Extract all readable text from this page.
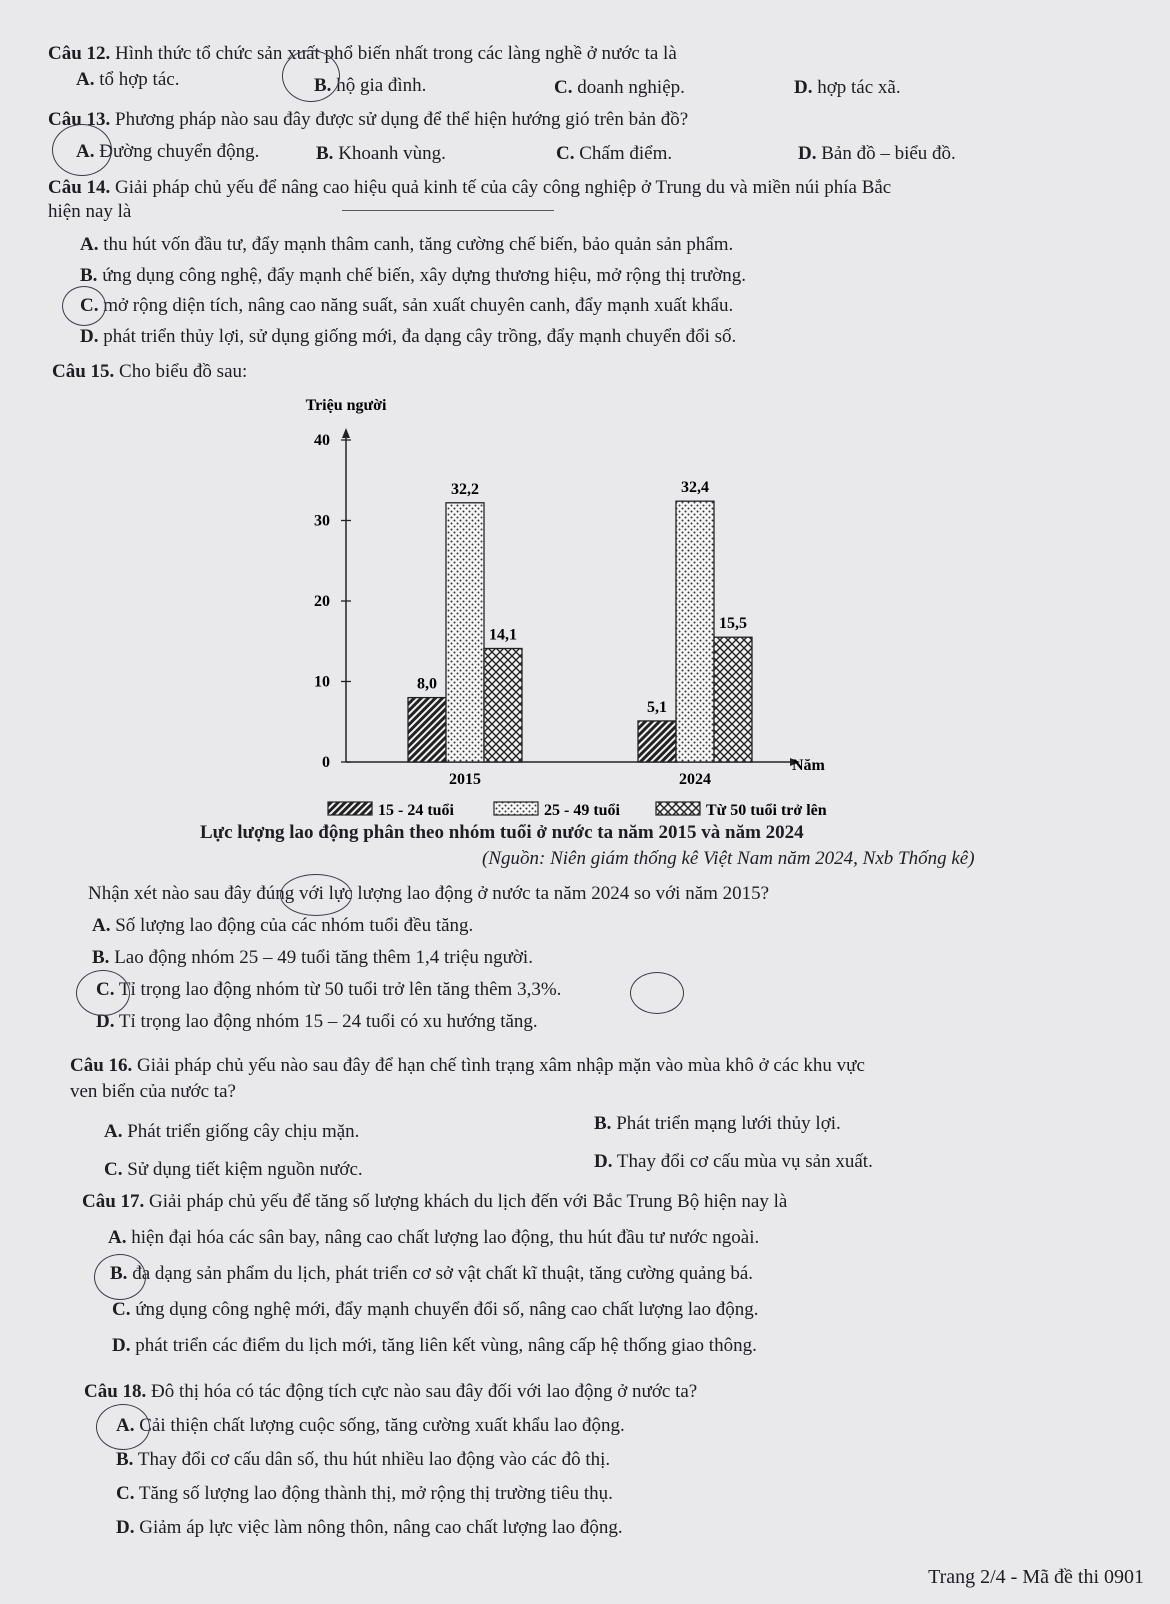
Câu 12. Hình thức tổ chức sản xuất phổ biến nhất trong các làng nghề ở nước ta là
A. tổ hợp tác.	B. hộ gia đình.	C. doanh nghiệp.	D. hợp tác xã.
Câu 13. Phương pháp nào sau đây được sử dụng để thể hiện hướng gió trên bản đồ?
A. Đường chuyển động.	B. Khoanh vùng.	C. Chấm điểm.	D. Bản đồ – biểu đồ.
Câu 14. Giải pháp chủ yếu để nâng cao hiệu quả kinh tế của cây công nghiệp ở Trung du và miền núi phía Bắc
hiện nay là
A. thu hút vốn đầu tư, đẩy mạnh thâm canh, tăng cường chế biến, bảo quản sản phẩm.
B. ứng dụng công nghệ, đẩy mạnh chế biến, xây dựng thương hiệu, mở rộng thị trường.
C. mở rộng diện tích, nâng cao năng suất, sản xuất chuyên canh, đẩy mạnh xuất khẩu.
D. phát triển thủy lợi, sử dụng giống mới, đa dạng cây trồng, đẩy mạnh chuyển đổi số.
Câu 15. Cho biểu đồ sau:
Triệu người
Năm
0
10
20
30
40
8,0
32,2
14,1
2015
5,1
32,4
15,5
2024
15 - 24 tuổi	25 - 49 tuổi	Từ 50 tuổi trở lên
Lực lượng lao động phân theo nhóm tuổi ở nước ta năm 2015 và năm 2024
(Nguồn: Niên giám thống kê Việt Nam năm 2024, Nxb Thống kê)
Nhận xét nào sau đây đúng với lực lượng lao động ở nước ta năm 2024 so với năm 2015?
A. Số lượng lao động của các nhóm tuổi đều tăng.
B. Lao động nhóm 25 – 49 tuổi tăng thêm 1,4 triệu người.
C. Tỉ trọng lao động nhóm từ 50 tuổi trở lên tăng thêm 3,3%.
D. Tỉ trọng lao động nhóm 15 – 24 tuổi có xu hướng tăng.
Câu 16. Giải pháp chủ yếu nào sau đây để hạn chế tình trạng xâm nhập mặn vào mùa khô ở các khu vực
ven biển của nước ta?
A. Phát triển giống cây chịu mặn.	B. Phát triển mạng lưới thủy lợi.
C. Sử dụng tiết kiệm nguồn nước.	D. Thay đổi cơ cấu mùa vụ sản xuất.
Câu 17. Giải pháp chủ yếu để tăng số lượng khách du lịch đến với Bắc Trung Bộ hiện nay là
A. hiện đại hóa các sân bay, nâng cao chất lượng lao động, thu hút đầu tư nước ngoài.
B. đa dạng sản phẩm du lịch, phát triển cơ sở vật chất kĩ thuật, tăng cường quảng bá.
C. ứng dụng công nghệ mới, đẩy mạnh chuyển đổi số, nâng cao chất lượng lao động.
D. phát triển các điểm du lịch mới, tăng liên kết vùng, nâng cấp hệ thống giao thông.
Câu 18. Đô thị hóa có tác động tích cực nào sau đây đối với lao động ở nước ta?
A. Cải thiện chất lượng cuộc sống, tăng cường xuất khẩu lao động.
B. Thay đổi cơ cấu dân số, thu hút nhiều lao động vào các đô thị.
C. Tăng số lượng lao động thành thị, mở rộng thị trường tiêu thụ.
D. Giảm áp lực việc làm nông thôn, nâng cao chất lượng lao động.
Trang 2/4 - Mã đề thi 0901
